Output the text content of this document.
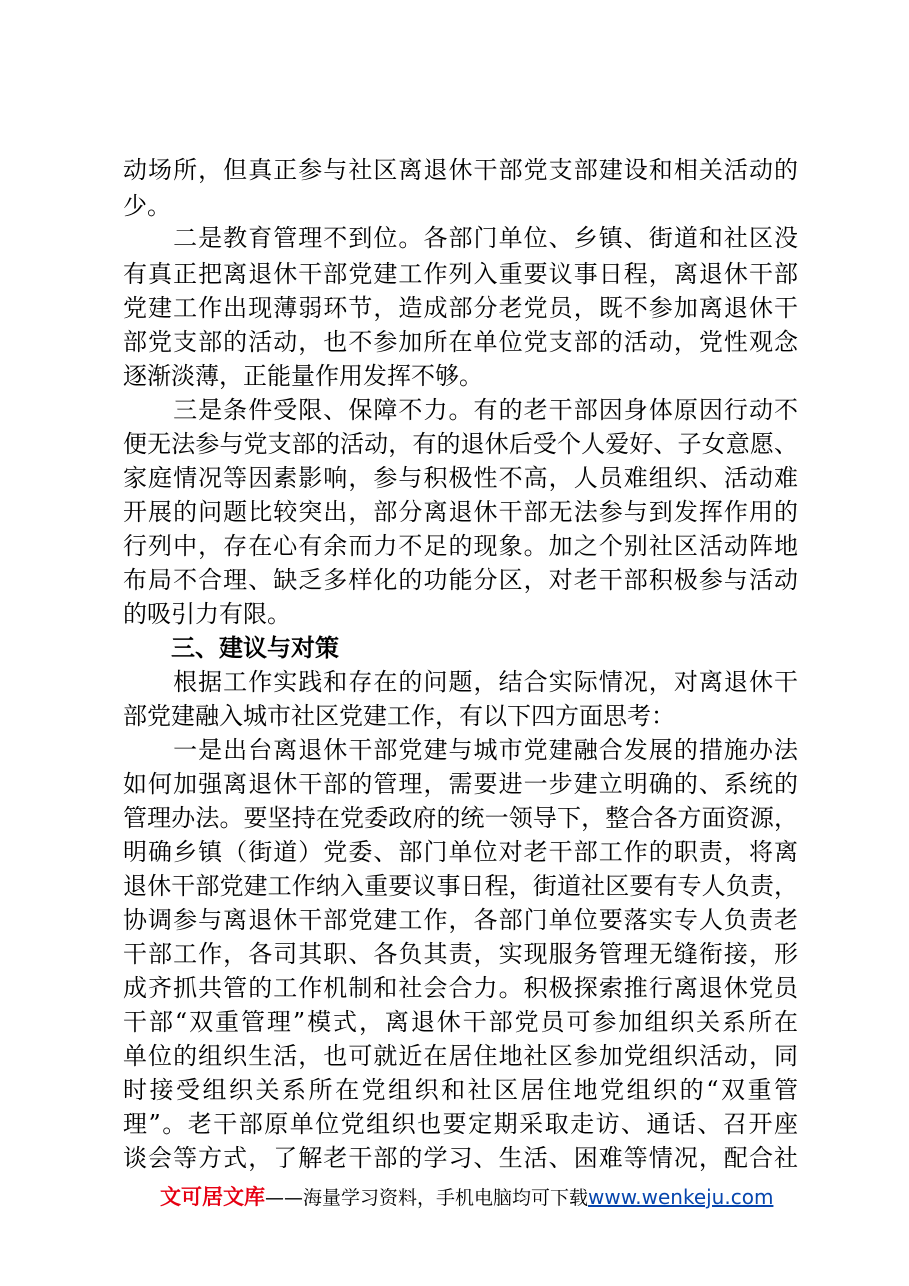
动场所，但真正参与社区离退休干部党支部建设和相关活动的
少。
　　二是教育管理不到位。各部门单位、乡镇、街道和社区没
有真正把离退休干部党建工作列入重要议事日程，离退休干部
党建工作出现薄弱环节，造成部分老党员，既不参加离退休干
部党支部的活动，也不参加所在单位党支部的活动，党性观念
逐渐淡薄，正能量作用发挥不够。
　　三是条件受限、保障不力。有的老干部因身体原因行动不
便无法参与党支部的活动，有的退休后受个人爱好、子女意愿、
家庭情况等因素影响，参与积极性不高，人员难组织、活动难
开展的问题比较突出，部分离退休干部无法参与到发挥作用的
行列中，存在心有余而力不足的现象。加之个别社区活动阵地
布局不合理、缺乏多样化的功能分区，对老干部积极参与活动
的吸引力有限。
　　三、建议与对策
　　根据工作实践和存在的问题，结合实际情况，对离退休干
部党建融入城市社区党建工作，有以下四方面思考：
　　一是出台离退休干部党建与城市党建融合发展的措施办法
如何加强离退休干部的管理，需要进一步建立明确的、系统的
管理办法。要坚持在党委政府的统一领导下，整合各方面资源，
明确乡镇（街道）党委、部门单位对老干部工作的职责，将离
退休干部党建工作纳入重要议事日程，街道社区要有专人负责，
协调参与离退休干部党建工作，各部门单位要落实专人负责老
干部工作，各司其职、各负其责，实现服务管理无缝衔接，形
成齐抓共管的工作机制和社会合力。积极探索推行离退休党员
干部“双重管理”模式，离退休干部党员可参加组织关系所在
单位的组织生活，也可就近在居住地社区参加党组织活动，同
时接受组织关系所在党组织和社区居住地党组织的“双重管
理”。老干部原单位党组织也要定期采取走访、通话、召开座
谈会等方式，了解老干部的学习、生活、困难等情况，配合社
文可居文库——海量学习资料，手机电脑均可下载www.wenkeju.com
